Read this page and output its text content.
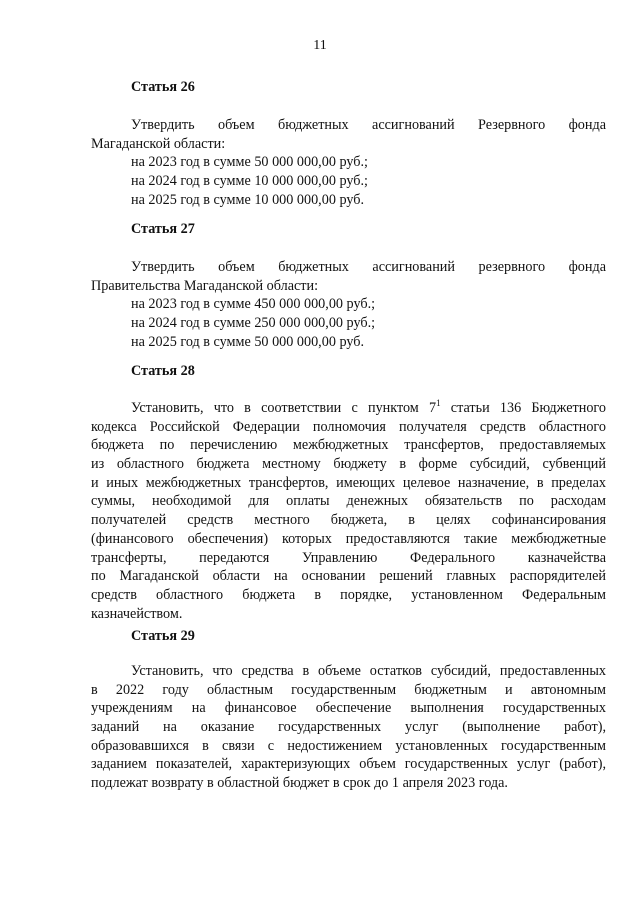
11
Статья 26
Утвердить объем бюджетных ассигнований Резервного фонда
Магаданской области:
на 2023 год в сумме 50 000 000,00 руб.;
на 2024 год в сумме 10 000 000,00 руб.;
на 2025 год в сумме 10 000 000,00 руб.
Статья 27
Утвердить объем бюджетных ассигнований резервного фонда
Правительства Магаданской области:
на 2023 год в сумме 450 000 000,00 руб.;
на 2024 год в сумме 250 000 000,00 руб.;
на 2025 год в сумме 50 000 000,00 руб.
Статья 28
Установить, что в соответствии с пунктом $7^1$ статьи 136 Бюджетного
кодекса Российской Федерации полномочия получателя средств областного
бюджета по перечислению межбюджетных трансфертов, предоставляемых
из областного бюджета местному бюджету в форме субсидий, субвенций
и иных межбюджетных трансфертов, имеющих целевое назначение, в пределах
суммы, необходимой для оплаты денежных обязательств по расходам
получателей средств местного бюджета, в целях софинансирования
(финансового обеспечения) которых предоставляются такие межбюджетные
трансферты, передаются Управлению Федерального казначейства
по Магаданской области на основании решений главных распорядителей
средств областного бюджета в порядке, установленном Федеральным
казначейством.
Статья 29
Установить, что средства в объеме остатков субсидий, предоставленных
в 2022 году областным государственным бюджетным и автономным
учреждениям на финансовое обеспечение выполнения государственных
заданий на оказание государственных услуг (выполнение работ),
образовавшихся в связи с недостижением установленных государственным
заданием показателей, характеризующих объем государственных услуг (работ),
подлежат возврату в областной бюджет в срок до 1 апреля 2023 года.
